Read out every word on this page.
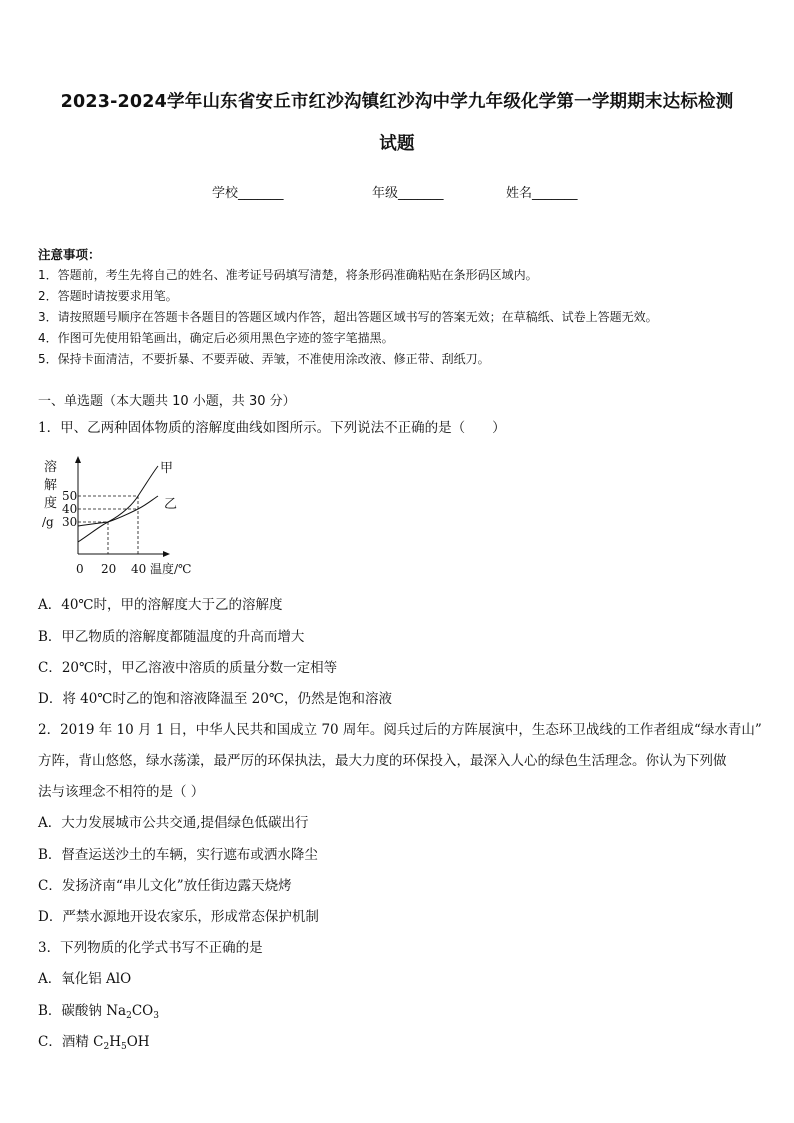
2023-2024学年山东省安丘市红沙沟镇红沙沟中学九年级化学第一学期期末达标检测
试题
学校_______	年级_______	姓名_______
注意事项：
1．答题前，考生先将自己的姓名、准考证号码填写清楚，将条形码准确粘贴在条形码区域内。
2．答题时请按要求用笔。
3．请按照题号顺序在答题卡各题目的答题区域内作答，超出答题区域书写的答案无效；在草稿纸、试卷上答题无效。
4．作图可先使用铅笔画出，确定后必须用黑色字迹的签字笔描黑。
5．保持卡面清洁，不要折暴、不要弄破、弄皱，不准使用涂改液、修正带、刮纸刀。
一、单选题（本大题共 10 小题，共 30 分）
1．甲、乙两种固体物质的溶解度曲线如图所示。下列说法不正确的是（　　）
溶
解
度
/g
50
40
30
甲
乙
0 20 40 温度/℃
A．40℃时，甲的溶解度大于乙的溶解度
B．甲乙物质的溶解度都随温度的升高而增大
C．20℃时，甲乙溶液中溶质的质量分数一定相等
D．将 40℃时乙的饱和溶液降温至 20℃，仍然是饱和溶液
2．2019 年 10 月 1 日，中华人民共和国成立 70 周年。阅兵过后的方阵展演中，生态环卫战线的工作者组成“绿水青山”
方阵，背山悠悠，绿水荡漾，最严厉的环保执法，最大力度的环保投入，最深入人心的绿色生活理念。你认为下列做
法与该理念不相符的是（ ）
A．大力发展城市公共交通,提倡绿色低碳出行
B．督查运送沙土的车辆，实行遮布或洒水降尘
C．发扬济南“串儿文化”放任街边露天烧烤
D．严禁水源地开设农家乐，形成常态保护机制
3．下列物质的化学式书写不正确的是
A．氧化铝 AlO
B．碳酸钠 $Na_2CO_3$
C．酒精 $C_2H_5OH$
